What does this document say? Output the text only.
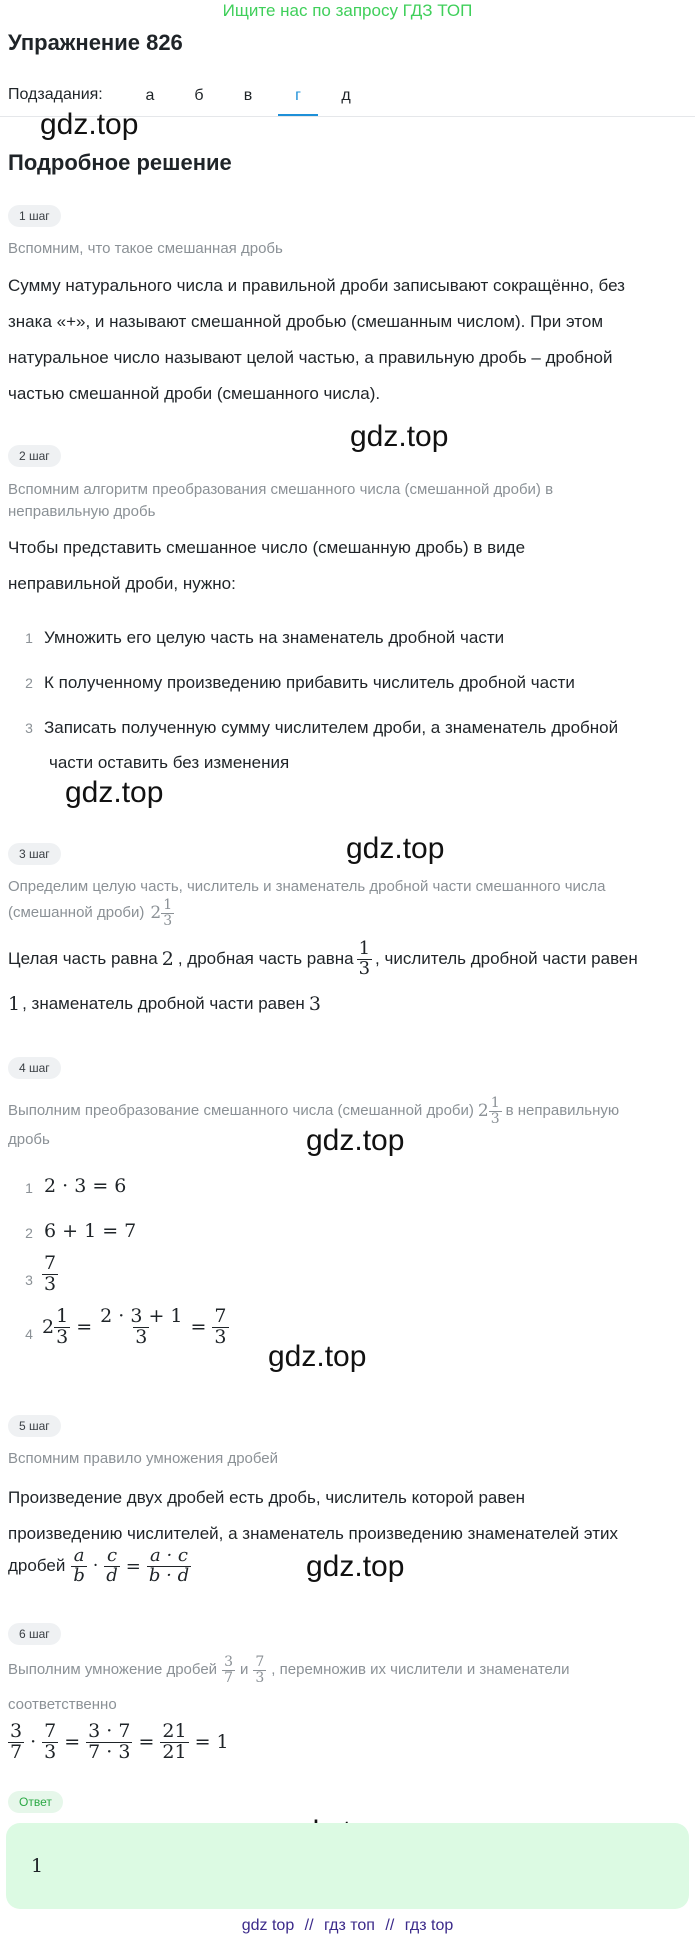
Ищите нас по запросу ГДЗ ТОП
Упражнение 826
Подзадания:	а	б	в	г	д
gdz.top
gdz.top
gdz.top
gdz.top
gdz.top
gdz.top
gdz.top
Подробное решение
1 шаг
Вспомним, что такое смешанная дробь
Сумму натурального числа и правильной дроби записывают сокращённо, без
знака «+», и называют смешанной дробью (смешанным числом). При этом
натуральное число называют целой частью, а правильную дробь – дробной
частью смешанной дроби (смешанного числа).
2 шаг
Вспомним алгоритм преобразования смешанного числа (смешанной дроби) в
неправильную дробь
Чтобы представить смешанное число (смешанную дробь) в виде
неправильной дроби, нужно:
1 Умножить его целую часть на знаменатель дробной части
2 К полученному произведению прибавить числитель дробной части
3 Записать полученную сумму числителем дроби, а знаменатель дробной
части оставить без изменения
3 шаг
Определим целую часть, числитель и знаменатель дробной части смешанного числа
(смешанной дроби) $2 \frac{1}{3}$
Целая часть равна 2 , дробная часть равна $\frac{1}{3}$ , числитель дробной части равен
1 , знаменатель дробной части равен 3
4 шаг
Выполним преобразование смешанного числа (смешанной дроби) $2 \frac{1}{3}$ в неправильную
дробь
1 2 · 3 = 6
2 6 + 1 = 7
$3 \frac{7}{3}$
4 $2 \frac{1}{3} = \frac{2 \cdot 3 + 1}{3} = \frac{7}{3}$
5 шаг
Вспомним правило умножения дробей
Произведение двух дробей есть дробь, числитель которой равен
произведению числителей, а знаменатель произведению знаменателей этих
дробей $\frac{a}{b} \cdot \frac{c}{d} = \frac{a \cdot c}{b \cdot d}$
6 шаг
Выполним умножение дробей $\frac{3}{7}$ и $\frac{7}{3}$ , перемножив их числители и знаменатели
соответственно
$\frac{3}{7} \cdot \frac{7}{3} = \frac{3 \cdot 7}{7 \cdot 3} = \frac{21}{21} = 1$
Ответ
1
gdz top // гдз топ // гдз top
